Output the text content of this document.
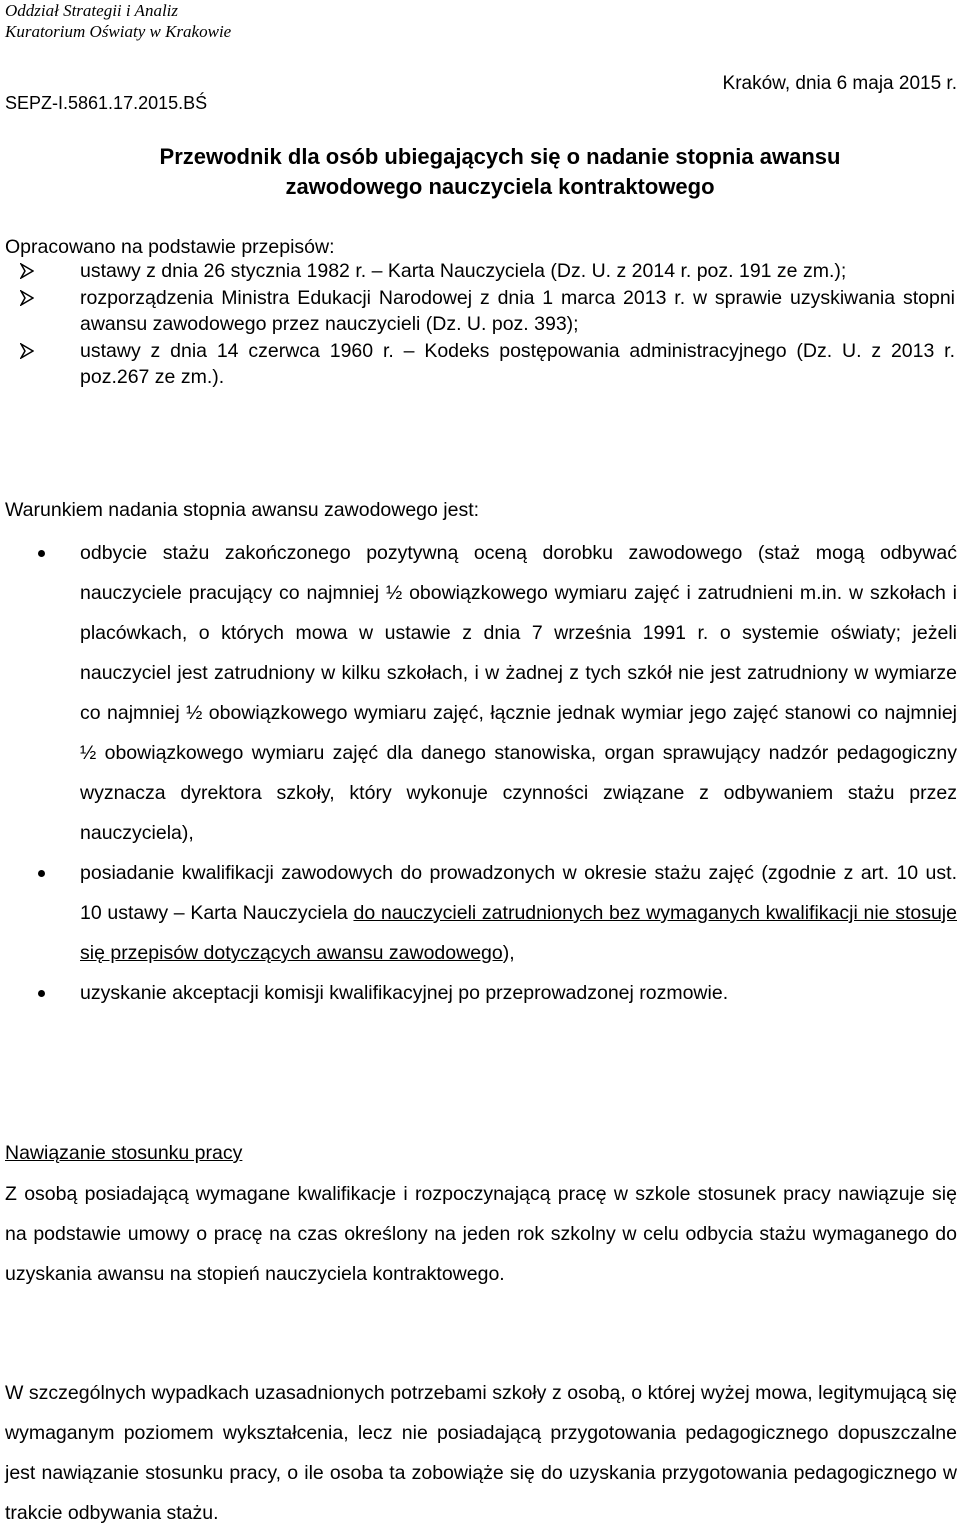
Oddział Strategii i Analiz
Kuratorium Oświaty w Krakowie
SEPZ-I.5861.17.2015.BŚ
Kraków, dnia 6 maja 2015 r.
Przewodnik dla osób ubiegających się o nadanie stopnia awansu
zawodowego nauczyciela kontraktowego
Opracowano na podstawie przepisów:
ustawy z dnia 26 stycznia 1982 r. – Karta Nauczyciela (Dz. U. z 2014 r. poz. 191 ze zm.);
rozporządzenia Ministra Edukacji Narodowej z dnia 1 marca 2013 r. w sprawie uzyskiwania stopni awansu zawodowego przez nauczycieli (Dz. U. poz. 393);
ustawy z dnia 14 czerwca 1960 r. – Kodeks postępowania administracyjnego (Dz. U. z 2013 r. poz.267 ze zm.).
Warunkiem nadania stopnia awansu zawodowego jest:
odbycie stażu zakończonego pozytywną oceną dorobku zawodowego (staż mogą odbywać nauczyciele pracujący co najmniej ½ obowiązkowego wymiaru zajęć i zatrudnieni m.in. w szkołach i placówkach, o których mowa w ustawie z dnia 7 września 1991 r. o systemie oświaty; jeżeli nauczyciel jest zatrudniony w kilku szkołach, i w żadnej z tych szkół nie jest zatrudniony w wymiarze co najmniej ½ obowiązkowego wymiaru zajęć, łącznie jednak wymiar jego zajęć stanowi co najmniej ½ obowiązkowego wymiaru zajęć dla danego stanowiska, organ sprawujący nadzór pedagogiczny wyznacza dyrektora szkoły, który wykonuje czynności związane z odbywaniem stażu przez nauczyciela),
posiadanie kwalifikacji zawodowych do prowadzonych w okresie stażu zajęć (zgodnie z art. 10 ust. 10 ustawy – Karta Nauczyciela do nauczycieli zatrudnionych bez wymaganych kwalifikacji nie stosuje się przepisów dotyczących awansu zawodowego),
uzyskanie akceptacji komisji kwalifikacyjnej po przeprowadzonej rozmowie.
Nawiązanie stosunku pracy

Z osobą posiadającą wymagane kwalifikacje i rozpoczynającą pracę w szkole stosunek pracy nawiązuje się na podstawie umowy o pracę na czas określony na jeden rok szkolny w celu odbycia stażu wymaganego do uzyskania awansu na stopień nauczyciela kontraktowego.

W szczególnych wypadkach uzasadnionych potrzebami szkoły z osobą, o której wyżej mowa, legitymującą się wymaganym poziomem wykształcenia, lecz nie posiadającą przygotowania pedagogicznego dopuszczalne jest nawiązanie stosunku pracy, o ile osoba ta zobowiąże się do uzyskania przygotowania pedagogicznego w trakcie odbywania stażu.
